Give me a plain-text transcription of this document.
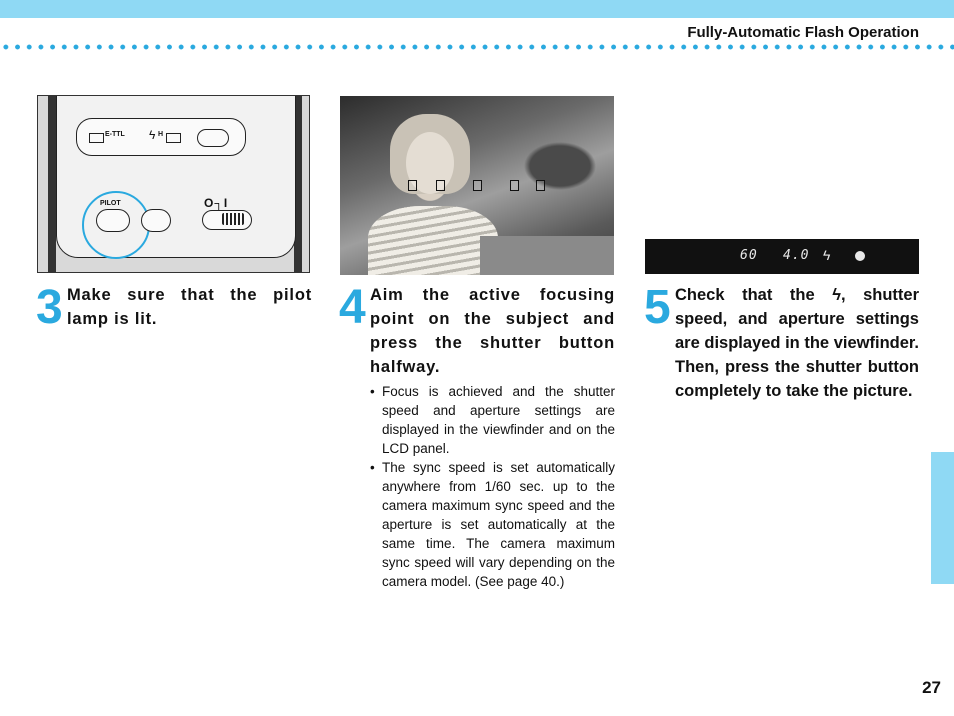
Fully-Automatic Flash Operation
E-TTL ϟ H
PILOT	O┐I
60 4.0 ϟ
3 Make sure that the pilot lamp is lit.	4 Aim the active focusing point on the subject and press the shutter button halfway.

• Focus is achieved and the shutter speed and aperture settings are displayed in the viewfinder and on the LCD panel.
• The sync speed is set automatically anywhere from 1/60 sec. up to the camera maximum sync speed and the aperture is set automatically at the same time. The camera maximum sync speed will vary depending on the camera model. (See page 40.)
5 Check that the ϟ, shutter speed, and aperture settings are displayed in the viewfinder. Then, press the shutter button completely to take the picture.

27
